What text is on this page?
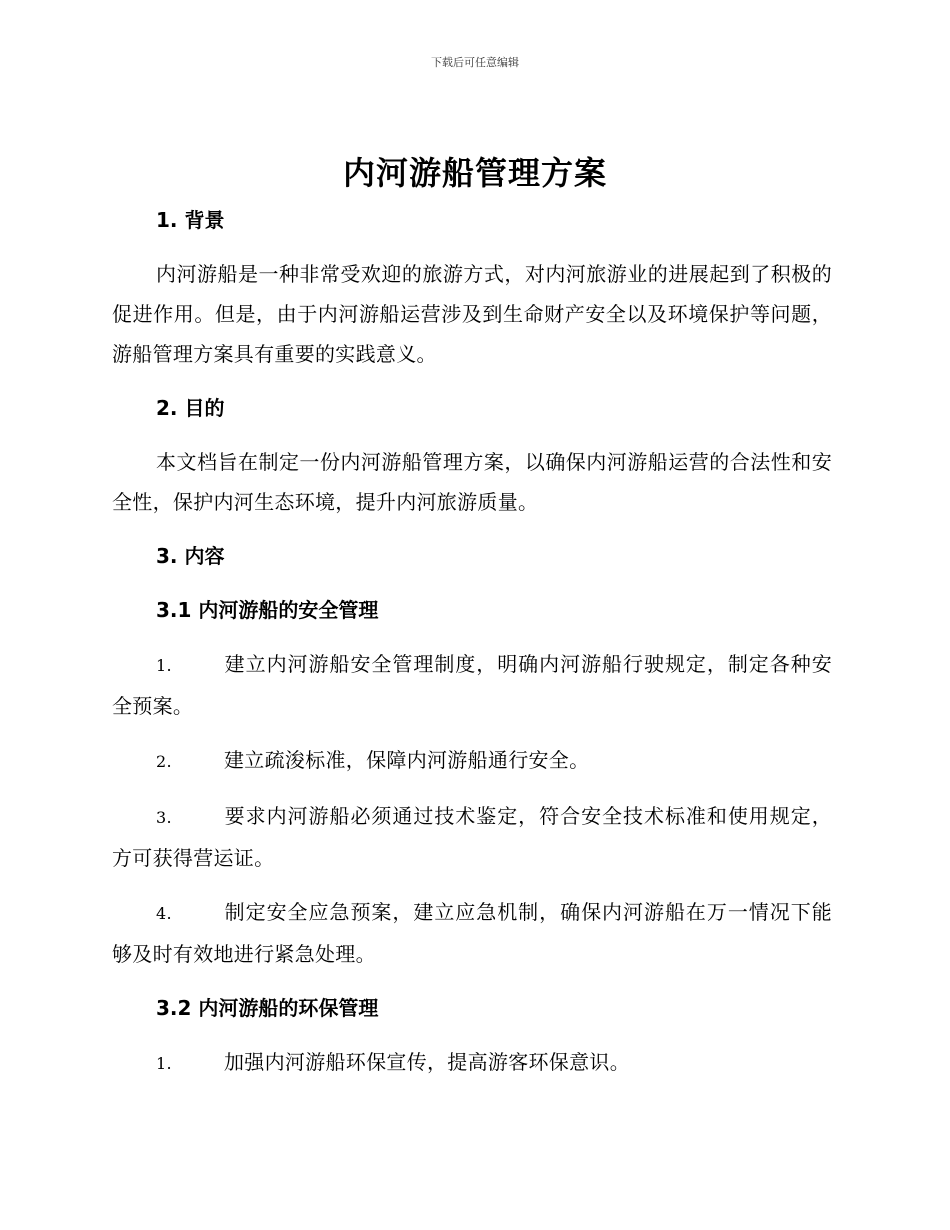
下载后可任意编辑
内河游船管理方案
1. 背景
内河游船是一种非常受欢迎的旅游方式，对内河旅游业的进展起到了积极的促进作用。但是，由于内河游船运营涉及到生命财产安全以及环境保护等问题，游船管理方案具有重要的实践意义。
2. 目的
本文档旨在制定一份内河游船管理方案，以确保内河游船运营的合法性和安全性，保护内河生态环境，提升内河旅游质量。
3. 内容
3.1 内河游船的安全管理
1.	建立内河游船安全管理制度，明确内河游船行驶规定，制定各种安全预案。
2.	建立疏浚标准，保障内河游船通行安全。
3.	要求内河游船必须通过技术鉴定，符合安全技术标准和使用规定，方可获得营运证。
4.	制定安全应急预案，建立应急机制，确保内河游船在万一情况下能够及时有效地进行紧急处理。
3.2 内河游船的环保管理
1.	加强内河游船环保宣传，提高游客环保意识。
